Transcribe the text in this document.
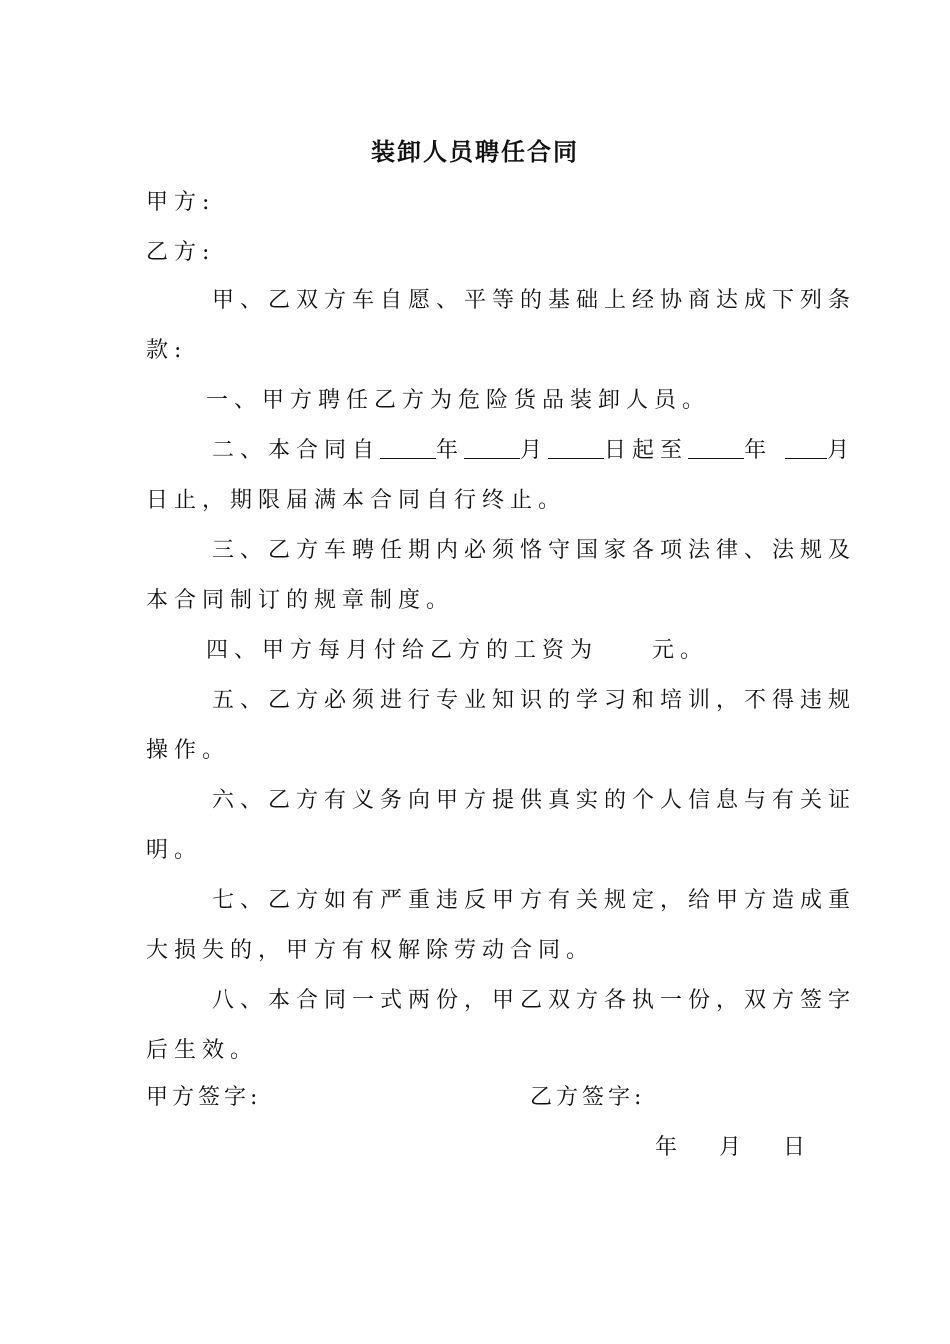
装卸人员聘任合同
甲方:
乙方:
甲、乙双方车自愿、平等的基础上经协商达成下列条
款:
一、甲方聘任乙方为危险货品装卸人员。
二、本合同自	年	月	日起至	年 月
日止，期限届满本合同自行终止。
三、乙方车聘任期内必须恪守国家各项法律、法规及
本合同制订的规章制度。
四、甲方每月付给乙方的工资为 元。
五、乙方必须进行专业知识的学习和培训，不得违规
操作。
六、乙方有义务向甲方提供真实的个人信息与有关证
明。
七、乙方如有严重违反甲方有关规定，给甲方造成重
大损失的，甲方有权解除劳动合同。
八、本合同一式两份，甲乙双方各执一份，双方签字
后生效。
甲方签字:	乙方签字:
年 月 日
